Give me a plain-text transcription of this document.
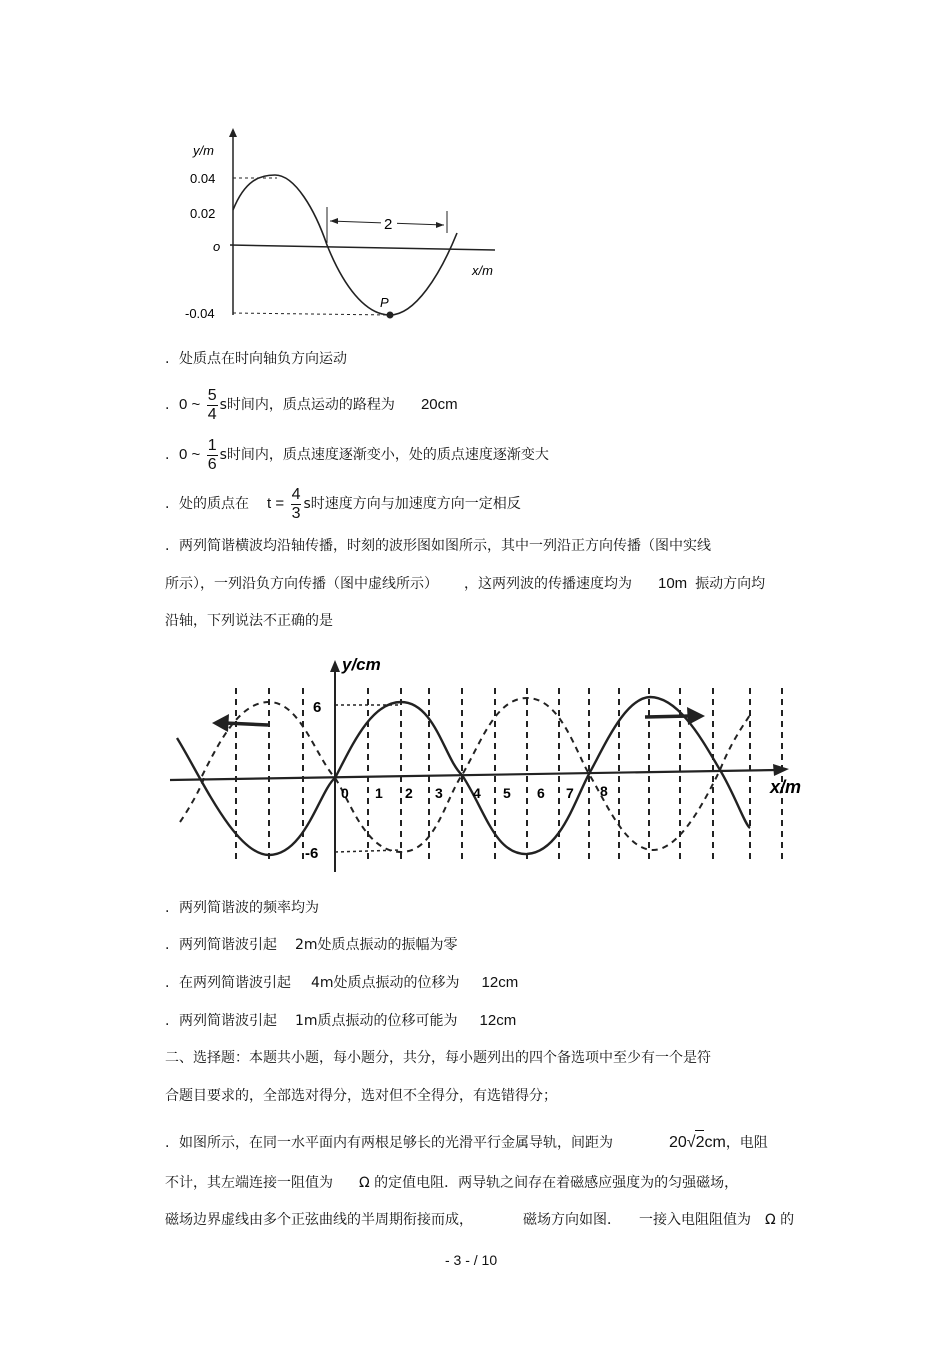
y/m
0.04
0.02
o
-0.04
x/m
2
P
. 处质点在时向轴负方向运动
. 0 ~ $\frac{5}{4}$ s时间内，质点运动的路程为 20cm
. 0 ~ $\frac{1}{6}$ s时间内，质点速度逐渐变小，处的质点速度逐渐变大
. 处的质点在 $t = \frac{4}{3}$ s时速度方向与加速度方向一定相反
. 两列简谐横波均沿轴传播，时刻的波形图如图所示，其中一列沿正方向传播（图中实线
所示），一列沿负方向传播（图中虚线所示） ，这两列波的传播速度均为 10m 振动方向均
沿轴，下列说法不正确的是
y/cm
x/m
6
-6
0 1 2 3 4 5 6 7 8
. 两列简谐波的频率均为
. 两列简谐波引起 2m处质点振动的振幅为零
. 在两列简谐波引起 4m处质点振动的位移为 12cm
. 两列简谐波引起 1m质点振动的位移可能为 12cm
二、选择题：本题共小题，每小题分，共分，每小题列出的四个备选项中至少有一个是符
合题目要求的，全部选对得分，选对但不全得分，有选错得分；
. 如图所示，在同一水平面内有两根足够长的光滑平行金属导轨，间距为	20√2cm，电阻
不计，其左端连接一阻值为 Ω 的定值电阻．两导轨之间存在着磁感应强度为的匀强磁场，
磁场边界虚线由多个正弦曲线的半周期衔接而成，	磁场方向如图． 一接入电阻阻值为 Ω 的
- 3 - / 10
